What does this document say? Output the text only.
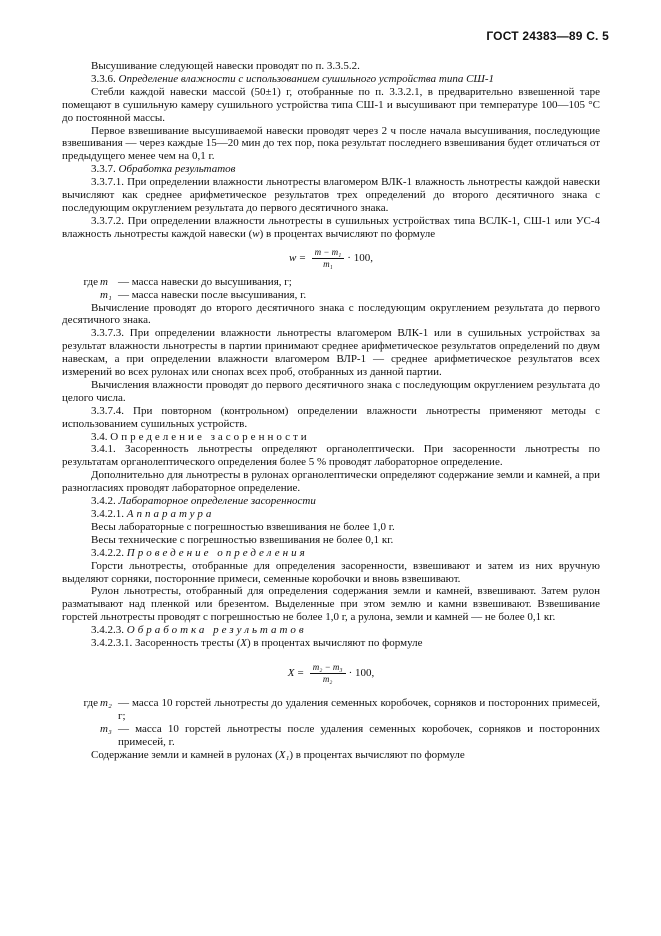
ГОСТ 24383—89 С. 5

Высушивание следующей навески проводят по п. 3.3.5.2.

3.3.6. Определение влажности с использованием сушильного устройства типа СШ-1

Стебли каждой навески массой (50±1) г, отобранные по п. 3.3.2.1, в предварительно взвешенной таре помещают в сушильную камеру сушильного устройства типа СШ-1 и высушивают при температуре 100—105 °С до постоянной массы.

Первое взвешивание высушиваемой навески проводят через 2 ч после начала высушивания, последующие взвешивания — через каждые 15—20 мин до тех пор, пока результат последнего взвешивания будет отличаться от предыдущего менее чем на 0,1 г.

3.3.7. Обработка результатов

3.3.7.1. При определении влажности льнотресты влагомером ВЛК-1 влажность льнотресты каждой навески вычисляют как среднее арифметическое результатов трех определений до второго десятичного знака с последующим округлением результата до первого десятичного знака.

3.3.7.2. При определении влажности льнотресты в сушильных устройствах типа ВСЛК-1, СШ-1 или УС-4 влажность льнотресты каждой навески (w) в процентах вычисляют по формуле

$w = \frac{\text{m − m₁}}{\text{m₁}} \cdot 100$,
где m — масса навески до высушивания, г;
m₁ — масса навески после высушивания, г.

Вычисление проводят до второго десятичного знака с последующим округлением результата до первого десятичного знака.

3.3.7.3. При определении влажности льнотресты влагомером ВЛК-1 или в сушильных устройствах за результат влажности льнотресты в партии принимают среднее арифметическое результатов определений по двум навескам, а при определении влажности влагомером ВЛР-1 — среднее арифметическое результатов всех измерений во всех рулонах или снопах всех проб, отобранных из данной партии.

Вычисления влажности проводят до первого десятичного знака с последующим округлением результата до целого числа.

3.3.7.4. При повторном (контрольном) определении влажности льнотресты применяют методы с использованием сушильных устройств.

3.4. Определение засоренности

3.4.1. Засоренность льнотресты определяют органолептически. При засоренности льнотресты по результатам органолептического определения более 5 % проводят лабораторное определение.

Дополнительно для льнотресты в рулонах органолептически определяют содержание земли и камней, а при разногласиях проводят лабораторное определение.

3.4.2. Лабораторное определение засоренности

3.4.2.1. Аппаратура

Весы лабораторные с погрешностью взвешивания не более 1,0 г.

Весы технические с погрешностью взвешивания не более 0,1 кг.

3.4.2.2. Проведение определения

Горсти льнотресты, отобранные для определения засоренности, взвешивают и затем из них вручную выделяют сорняки, посторонние примеси, семенные коробочки и вновь взвешивают.

Рулон льнотресты, отобранный для определения содержания земли и камней, взвешивают. Затем рулон разматывают над пленкой или брезентом. Выделенные при этом землю и камни взвешивают. Взвешивание горстей льнотресты проводят с погрешностью не более 1,0 г, а рулона, земли и камней — не более 0,1 кг.

3.4.2.3. Обработка результатов

3.4.2.3.1. Засоренность тресты (X) в процентах вычисляют по формуле

$X = \frac{\text{m₂ − m₃}}{\text{m₂}} \cdot 100$,
где m₂ — масса 10 горстей льнотресты до удаления семенных коробочек, сорняков и посторонних примесей, г;
m₃ — масса 10 горстей льнотресты после удаления семенных коробочек, сорняков и посторонних примесей, г.

Содержание земли и камней в рулонах (X₁) в процентах вычисляют по формуле
